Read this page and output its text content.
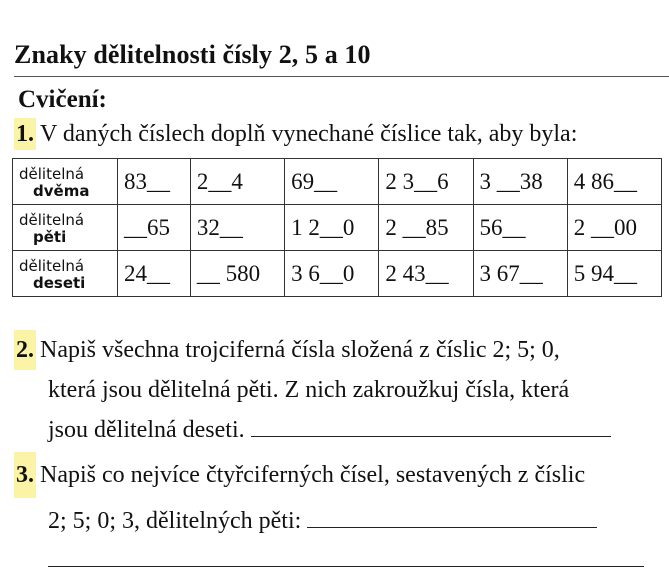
Znaky dělitelnosti čísly 2, 5 a 10
Cvičení:
1. V daných číslech doplň vynechané číslice tak, aby byla:
dělitelná
dvěma	83__	2__4	69__	2 3__6	3 __38	4 86__

dělitelná
pěti	__65	32__	1 2__0	2 __85	56__	2 __00

dělitelná
deseti	24__	__ 580	3 6__0	2 43__	3 67__	5 94__
2. Napiš všechna trojciferná čísla složená z číslic 2; 5; 0,
která jsou dělitelná pěti. Z nich zakroužkuj čísla, která
jsou dělitelná deseti.
3. Napiš co nejvíce čtyřciferných čísel, sestavených z číslic
2; 5; 0; 3, dělitelných pěti:
